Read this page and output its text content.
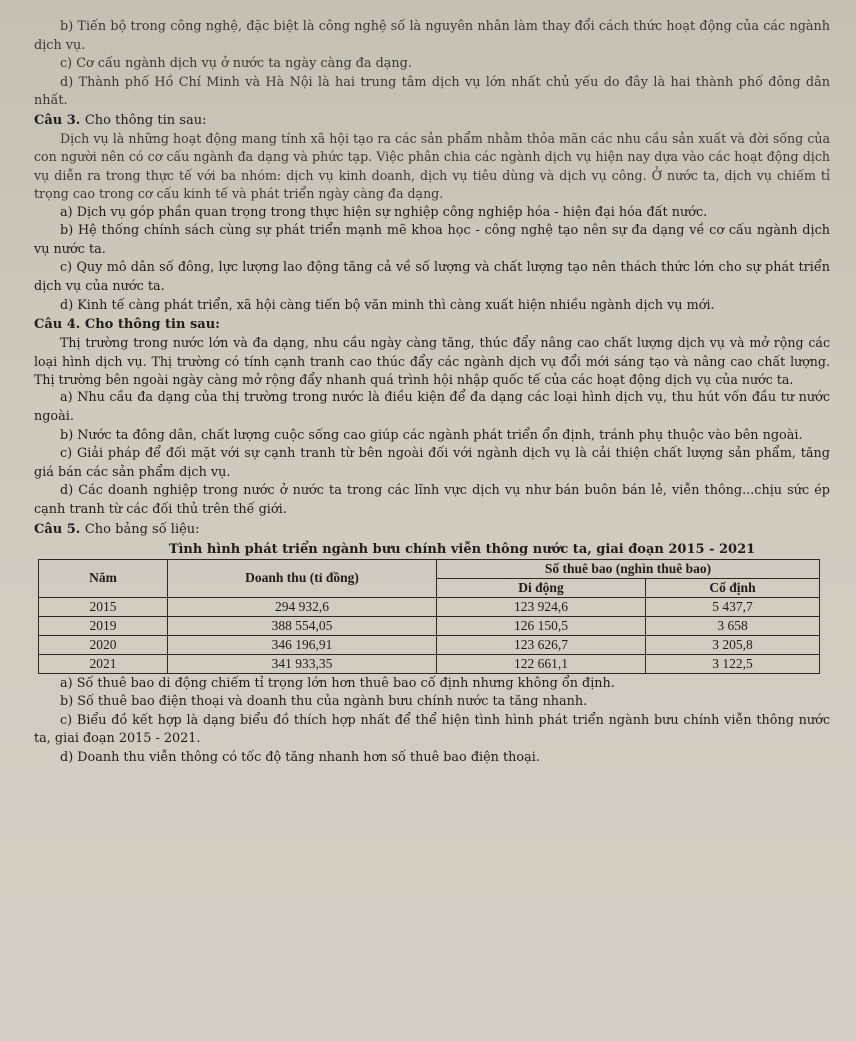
b) Tiến bộ trong công nghệ, đặc biệt là công nghệ số là nguyên nhân làm thay đổi cách thức hoạt động của các ngành dịch vụ.

c) Cơ cấu ngành dịch vụ ở nước ta ngày càng đa dạng.

d) Thành phố Hồ Chí Minh và Hà Nội là hai trung tâm dịch vụ lớn nhất chủ yếu do đây là hai thành phố đông dân nhất.

Câu 3. Cho thông tin sau:

Dịch vụ là những hoạt động mang tính xã hội tạo ra các sản phẩm nhằm thỏa mãn các nhu cầu sản xuất và đời sống của con người nên có cơ cấu ngành đa dạng và phức tạp. Việc phân chia các ngành dịch vụ hiện nay dựa vào các hoạt động dịch vụ diễn ra trong thực tế với ba nhóm: dịch vụ kinh doanh, dịch vụ tiêu dùng và dịch vụ công. Ở nước ta, dịch vụ chiếm tỉ trọng cao trong cơ cấu kinh tế và phát triển ngày càng đa dạng.

a) Dịch vụ góp phần quan trọng trong thực hiện sự nghiệp công nghiệp hóa - hiện đại hóa đất nước.

b) Hệ thống chính sách cùng sự phát triển mạnh mẽ khoa học - công nghệ tạo nên sự đa dạng về cơ cấu ngành dịch vụ nước ta.

c) Quy mô dân số đông, lực lượng lao động tăng cả về số lượng và chất lượng tạo nên thách thức lớn cho sự phát triển dịch vụ của nước ta.

d) Kinh tế càng phát triển, xã hội càng tiến bộ văn minh thì càng xuất hiện nhiều ngành dịch vụ mới.

Câu 4. Cho thông tin sau:

Thị trường trong nước lớn và đa dạng, nhu cầu ngày càng tăng, thúc đẩy nâng cao chất lượng dịch vụ và mở rộng các loại hình dịch vụ. Thị trường có tính cạnh tranh cao thúc đẩy các ngành dịch vụ đổi mới sáng tạo và nâng cao chất lượng. Thị trường bên ngoài ngày càng mở rộng đẩy nhanh quá trình hội nhập quốc tế của các hoạt động dịch vụ của nước ta.

a) Nhu cầu đa dạng của thị trường trong nước là điều kiện để đa dạng các loại hình dịch vụ, thu hút vốn đầu tư nước ngoài.

b) Nước ta đông dân, chất lượng cuộc sống cao giúp các ngành phát triển ổn định, tránh phụ thuộc vào bên ngoài.

c) Giải pháp để đối mặt với sự cạnh tranh từ bên ngoài đối với ngành dịch vụ là cải thiện chất lượng sản phẩm, tăng giá bán các sản phẩm dịch vụ.

d) Các doanh nghiệp trong nước ở nước ta trong các lĩnh vực dịch vụ như bán buôn bán lẻ, viễn thông...chịu sức ép cạnh tranh từ các đối thủ trên thế giới.

Câu 5. Cho bảng số liệu:

Tình hình phát triển ngành bưu chính viễn thông nước ta, giai đoạn 2015 - 2021

Năm	Doanh thu (tỉ đồng)	Số thuê bao (nghìn thuê bao)	
		Di động	Cố định
2015	294 932,6	123 924,6	5 437,7
2019	388 554,05	126 150,5	3 658
2020	346 196,91	123 626,7	3 205,8
2021	341 933,35	122 661,1	3 122,5

a) Số thuê bao di động chiếm tỉ trọng lớn hơn thuê bao cố định nhưng không ổn định.

b) Số thuê bao điện thoại và doanh thu của ngành bưu chính nước ta tăng nhanh.

c) Biểu đồ kết hợp là dạng biểu đồ thích hợp nhất để thể hiện tình hình phát triển ngành bưu chính viễn thông nước ta, giai đoạn 2015 - 2021.

d) Doanh thu viễn thông có tốc độ tăng nhanh hơn số thuê bao điện thoại.
